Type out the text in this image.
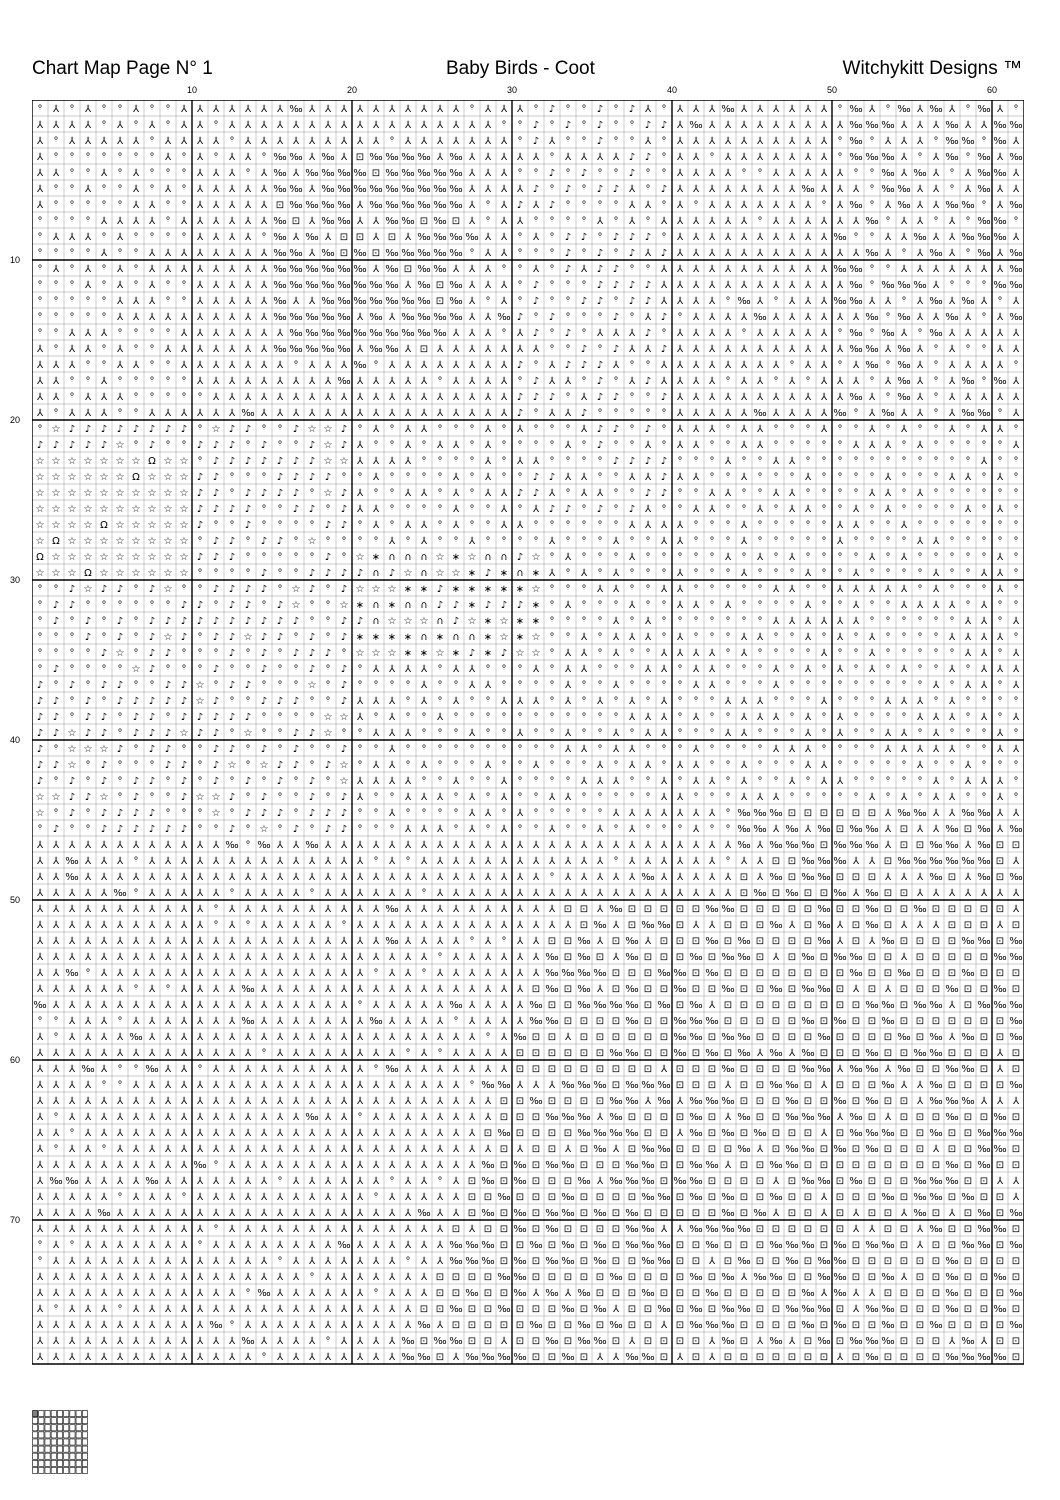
Chart Map Page N° 1	Baby Birds - Coot	Witchykitt Designs ™
10	20	30	40	50	60
10
20
30
40
50
60
70
° ⅄ ° ⅄ ° ° ⅄ ° ° ⅄ ⅄ ⅄ ⅄ ⅄ ⅄ ⅄ ‰ ⅄ ⅄ ⅄ ⅄ ⅄ ⅄ ⅄ ⅄ ⅄ ⅄ ° ⅄ ⅄ ⅄ ° ♪ ° ° ♪ ° ♪ ⅄ ° ⅄ ⅄ ⅄ ‰ ⅄ ⅄ ⅄ ⅄ ⅄ ⅄ ° ‰ ⅄ ° ‰ ⅄ ‰ ⅄ ° ‰ ⅄ °
⅄ ⅄ ⅄ ⅄ ° ⅄ ° ⅄ ° ⅄ ⅄ ° ⅄ ⅄ ⅄ ⅄ ⅄ ⅄ ⅄ ⅄ ⅄ ⅄ ⅄ ⅄ ⅄ ⅄ ⅄ ⅄ ⅄ ° ° ♪ ° ♪ ° ♪ ° ° ♪ ♪ ⅄ ‰ ⅄ ⅄ ⅄ ⅄ ⅄ ⅄ ⅄ ⅄ ⅄ ‰ ‰ ‰ ⅄ ⅄ ⅄ ‰ ⅄ ⅄ ‰ ‰
⅄ ° ⅄ ⅄ ⅄ ⅄ ⅄ ° ⅄ ⅄ ⅄ ⅄ ° ⅄ ⅄ ⅄ ⅄ ⅄ ⅄ ⅄ ⅄ ⅄ ° ⅄ ⅄ ⅄ ⅄ ⅄ ⅄ ⅄ ° ♪ ⅄ ° ° ♪ ° ° ⅄ ° ⅄ ⅄ ⅄ ⅄ ⅄ ⅄ ⅄ ⅄ ⅄ ⅄ ° ‰ ° ⅄ ⅄ ⅄ ° ‰ ‰ ° ‰ ⅄
⅄ ° ° ° ° ° ° ° ⅄ ° ⅄ ° ⅄ ⅄ ° ‰ ‰ ⅄ ‰ ⅄ ⊡ ‰ ‰ ‰ ‰ ⅄ ‰ ⅄ ⅄ ⅄ ⅄ ⅄ ° ⅄ ⅄ ⅄ ⅄ ♪ ♪ ° ⅄ ⅄ ° ⅄ ⅄ ⅄ ⅄ ⅄ ⅄ ⅄ ° ‰ ‰ ‰ ⅄ ° ⅄ ‰ ° ‰ ⅄ ‰
⅄ ⅄ ° ° ⅄ ° ⅄ ° ° ° ⅄ ⅄ ⅄ ° ⅄ ‰ ⅄ ‰ ‰ ‰ ‰ ⊡ ‰ ‰ ‰ ‰ ‰ ⅄ ⅄ ⅄ ° ° ♪ ° ♪ ° ° ♪ ° ° ⅄ ⅄ ⅄ ⅄ ° ° ⅄ ⅄ ⅄ ⅄ ⅄ ° ° ‰ ⅄ ‰ ⅄ ° ⅄ ‰ ‰ ⅄
⅄ ° ° ⅄ ° ° ⅄ ° ⅄ ° ⅄ ⅄ ⅄ ⅄ ⅄ ‰ ‰ ⅄ ‰ ‰ ‰ ‰ ‰ ‰ ‰ ‰ ‰ ⅄ ⅄ ⅄ ⅄ ♪ ° ♪ ° ♪ ♪ ⅄ ° ♪ ⅄ ⅄ ⅄ ⅄ ⅄ ⅄ ⅄ ⅄ ‰ ⅄ ⅄ ⅄ ° ‰ ‰ ⅄ ⅄ ° ⅄ ‰ ⅄ ⅄
⅄ ° ° ° ° ° ⅄ ⅄ ° ° ⅄ ⅄ ⅄ ⅄ ⅄ ⊡ ‰ ‰ ‰ ‰ ⅄ ‰ ‰ ‰ ‰ ‰ ‰ ⅄ ° ⅄ ♪ ⅄ ♪ ° ° ° ° ⅄ ⅄ ° ⅄ ° ⅄ ⅄ ⅄ ⅄ ⅄ ⅄ ⅄ ° ⅄ ‰ ° ⅄ ‰ ⅄ ⅄ ‰ ‰ ° ⅄ ‰
° ° ° ° ⅄ ⅄ ⅄ ⅄ ° ⅄ ⅄ ⅄ ⅄ ⅄ ⅄ ‰ ⊡ ⅄ ‰ ‰ ⅄ ⅄ ‰ ‰ ⊡ ‰ ⊡ ⅄ ° ⅄ ⅄ ° ° ° ° ⅄ ° ⅄ ° ⅄ ⅄ ⅄ ⅄ ⅄ ⅄ ° ⅄ ⅄ ⅄ ⅄ ⅄ ⅄ ‰ ° ⅄ ⅄ ° ⅄ ° ‰ ‰ °
° ⅄ ⅄ ⅄ ° ⅄ ° ° ° ° ⅄ ⅄ ⅄ ⅄ ° ‰ ⅄ ‰ ⅄ ⊡ ⊡ ⅄ ⊡ ⅄ ‰ ‰ ‰ ‰ ⅄ ⅄ ° ⅄ ° ♪ ♪ ° ♪ ♪ ♪ ° ⅄ ⅄ ⅄ ⅄ ⅄ ⅄ ⅄ ⅄ ⅄ ⅄ ‰ ° ° ⅄ ⅄ ‰ ⅄ ⅄ ‰ ‰ ‰ ⅄
° ° ° ° ⅄ ° ° ⅄ ⅄ ⅄ ⅄ ⅄ ⅄ ⅄ ⅄ ‰ ‰ ⅄ ‰ ⊡ ‰ ⊡ ‰ ‰ ‰ ‰ ‰ ° ⅄ ⅄ ° ° ° ♪ ° ♪ ° ♪ ⅄ ♪ ⅄ ⅄ ⅄ ⅄ ⅄ ⅄ ⅄ ⅄ ⅄ ⅄ ⅄ ⅄ ‰ ⅄ ° ⅄ ‰ ⅄ ° ‰ ⅄ ‰
° ⅄ ° ⅄ ° ⅄ ° ⅄ ⅄ ⅄ ⅄ ⅄ ⅄ ⅄ ⅄ ‰ ‰ ‰ ‰ ‰ ‰ ⅄ ‰ ⊡ ‰ ‰ ⅄ ⅄ ⅄ ° ° ⅄ ° ♪ ⅄ ♪ ♪ ° ° ⅄ ⅄ ⅄ ⅄ ⅄ ⅄ ⅄ ⅄ ⅄ ⅄ ⅄ ‰ ‰ ° ° ⅄ ⅄ ⅄ ⅄ ⅄ ⅄ ⅄ ‰
° ° ° ⅄ ° ⅄ ° ⅄ ° ° ⅄ ⅄ ⅄ ⅄ ⅄ ‰ ‰ ‰ ‰ ‰ ‰ ‰ ‰ ⅄ ‰ ⊡ ‰ ⅄ ⅄ ⅄ ° ♪ ° ° ° ♪ ♪ ♪ ♪ ⅄ ⅄ ⅄ ⅄ ⅄ ⅄ ⅄ ⅄ ⅄ ⅄ ⅄ ⅄ ‰ ° ‰ ‰ ‰ ⅄ ° ° ° ‰ ‰
° ° ° ° ° ⅄ ⅄ ⅄ ° ° ⅄ ⅄ ⅄ ⅄ ⅄ ‰ ⅄ ⅄ ‰ ‰ ‰ ‰ ‰ ‰ ‰ ⊡ ‰ ⅄ ° ⅄ ° ♪ ° ° ♪ ♪ ° ♪ ♪ ⅄ ⅄ ⅄ ⅄ ° ‰ ⅄ ° ⅄ ⅄ ⅄ ‰ ‰ ⅄ ⅄ ° ⅄ ‰ ⅄ ‰ ⅄ ° ⅄
° ° ° ° ° ⅄ ⅄ ⅄ ⅄ ⅄ ⅄ ⅄ ⅄ ⅄ ⅄ ‰ ‰ ‰ ‰ ‰ ⅄ ‰ ⅄ ‰ ‰ ‰ ‰ ⅄ ⅄ ‰ ♪ ° ♪ ° ° ° ♪ ° ⅄ ♪ ° ⅄ ⅄ ⅄ ⅄ ‰ ⅄ ⅄ ⅄ ⅄ ⅄ ⅄ ‰ ° ‰ ⅄ ⅄ ‰ ⅄ ° ⅄ ‰
° ° ⅄ ⅄ ⅄ ° ° ° ° ⅄ ⅄ ⅄ ⅄ ⅄ ⅄ ⅄ ‰ ‰ ‰ ‰ ‰ ‰ ‰ ‰ ‰ ‰ ⅄ ⅄ ⅄ ° ⅄ ♪ ° ♪ ° ⅄ ⅄ ⅄ ♪ ° ⅄ ⅄ ⅄ ⅄ ° ⅄ ⅄ ⅄ ⅄ ⅄ ° ‰ ° ‰ ⅄ ° ‰ ⅄ ⅄ ⅄ ⅄ ⅄
⅄ ° ⅄ ⅄ ° ⅄ ° ° ⅄ ⅄ ⅄ ⅄ ⅄ ⅄ ⅄ ‰ ‰ ‰ ‰ ‰ ⅄ ‰ ‰ ⅄ ⊡ ⅄ ⅄ ⅄ ⅄ ⅄ ⅄ ⅄ ° ° ♪ ° ♪ ⅄ ⅄ ♪ ⅄ ⅄ ⅄ ⅄ ⅄ ⅄ ⅄ ⅄ ⅄ ⅄ ⅄ ‰ ‰ ⅄ ‰ ⅄ ° ⅄ ° ° ⅄ ⅄
⅄ ⅄ ⅄ ° ° ⅄ ⅄ ° ° ⅄ ⅄ ⅄ ⅄ ⅄ ⅄ ⅄ ° ⅄ ⅄ ⅄ ‰ ° ⅄ ⅄ ⅄ ⅄ ⅄ ⅄ ⅄ ⅄ ♪ ° ⅄ ♪ ♪ ♪ ⅄ ° ° ⅄ ⅄ ⅄ ⅄ ⅄ ⅄ ⅄ ⅄ ° ⅄ ⅄ ° ⅄ ‰ ° ‰ ⅄ ° ⅄ ⅄ ⅄ ⅄ °
⅄ ⅄ ° ° ⅄ ° ° ° ° ° ⅄ ⅄ ⅄ ⅄ ⅄ ⅄ ⅄ ⅄ ⅄ ‰ ⅄ ⅄ ⅄ ⅄ ⅄ ° ⅄ ⅄ ⅄ ⅄ ° ♪ ⅄ ⅄ ° ♪ ° ⅄ ♪ ⅄ ⅄ ⅄ ⅄ ° ⅄ ⅄ ° ⅄ ° ⅄ ⅄ ⅄ ° ⅄ ‰ ⅄ ° ⅄ ‰ ° ‰ ⅄
⅄ ⅄ ° ⅄ ⅄ ⅄ ° ° ° ° ° ⅄ ⅄ ⅄ ⅄ ⅄ ⅄ ⅄ ⅄ ⅄ ⅄ ⅄ ⅄ ⅄ ⅄ ⅄ ⅄ ⅄ ⅄ ⅄ ♪ ♪ ♪ ° ⅄ ♪ ♪ ° ° ♪ ⅄ ⅄ ⅄ ⅄ ⅄ ⅄ ⅄ ⅄ ⅄ ⅄ ⅄ ‰ ⅄ ° ‰ ⅄ ° ⅄ ⅄ ⅄ ⅄ ⅄
⅄ ° ⅄ ⅄ ⅄ ° ° ⅄ ⅄ ⅄ ⅄ ⅄ ⅄ ‰ ⅄ ⅄ ⅄ ⅄ ⅄ ⅄ ⅄ ⅄ ⅄ ⅄ ⅄ ⅄ ⅄ ⅄ ⅄ ⅄ ♪ ° ⅄ ⅄ ♪ ° ° ° ° ° ⅄ ⅄ ⅄ ⅄ ⅄ ‰ ⅄ ⅄ ⅄ ⅄ ‰ ° ⅄ ‰ ⅄ ⅄ ° ⅄ ‰ ‰ ° ⅄
° ☆ ♪ ♪ ♪ ♪ ♪ ♪ ♪ ♪ ° ☆ ♪ ♪ ° ° ♪ ☆ ☆ ♪ ° ⅄ ° ⅄ ⅄ ° ° ° ⅄ ° ⅄ ° ° ° ⅄ ♪ ♪ ° ♪ ° ⅄ ⅄ ⅄ ° ⅄ ⅄ ° ° ° ⅄ ° ° ⅄ ° ⅄ ° ° ⅄ ° ⅄ ⅄ °
♪ ♪ ♪ ♪ ♪ ☆ ° ♪ ° ° ♪ ♪ ♪ ° ♪ ° ° ♪ ☆ ♪ ⅄ ° ° ⅄ ° ⅄ ⅄ ° ⅄ ° ° ° ° ⅄ ° ♪ ° ° ⅄ ° ⅄ ⅄ ° ° ⅄ ⅄ ° ° ° ° ° ⅄ ⅄ ⅄ ° ⅄ ° ° ° ° ° ⅄
☆ ☆ ☆ ☆ ☆ ☆ ☆ Ω ☆ ☆ ° ♪ ♪ ♪ ♪ ♪ ♪ ♪ ☆ ☆ ⅄ ⅄ ⅄ ⅄ ° ° ° ° ⅄ ° ⅄ ⅄ ° ° ° ° ♪ ♪ ♪ ♪ ° ° ° ⅄ ° ° ⅄ ⅄ ° ° ° ° ° ° ° ° ° ° ° ⅄ ° °
☆ ☆ ☆ ☆ ☆ ☆ Ω ☆ ☆ ☆ ♪ ♪ ° ° ° ♪ ♪ ♪ ♪ ° ° ⅄ ° ° ° ° ⅄ ° ⅄ ° ° ♪ ♪ ⅄ ⅄ ° ° ⅄ ⅄ ♪ ⅄ ⅄ ° ° ⅄ ° ° ° ⅄ ° ° ° ° ⅄ ° ° ° ⅄ ⅄ ° ⅄ °
☆ ☆ ☆ ☆ ☆ ☆ ☆ ☆ ☆ ☆ ♪ ♪ ° ♪ ♪ ♪ ♪ ° ☆ ♪ ⅄ ° ° ⅄ ⅄ ° ⅄ ° ⅄ ⅄ ♪ ♪ ⅄ ° ⅄ ⅄ ° ° ♪ ♪ ° ° ⅄ ⅄ ° ° ⅄ ⅄ ° ° ° ° ⅄ ⅄ ° ⅄ ° ° ° ° ° °
☆ ☆ ☆ ☆ ☆ ☆ ☆ ☆ ☆ ☆ ♪ ♪ ♪ ♪ ° ° ♪ ♪ ° ♪ ⅄ ⅄ ° ° ° ° ⅄ ° ° ⅄ ° ⅄ ♪ ♪ ° ♪ ° ♪ ⅄ ° ° ⅄ ⅄ ° ° ⅄ ° ⅄ ⅄ ° ° ⅄ ° ⅄ ° ° ° ° ⅄ ° ⅄ °
☆ ☆ ☆ ☆ Ω ☆ ☆ ☆ ☆ ☆ ♪ ° ° ♪ ° ° ° ° ♪ ♪ ° ⅄ ° ⅄ ⅄ ° ⅄ ° ° ⅄ ⅄ ° ° ° ° ° ° ⅄ ⅄ ⅄ ⅄ ° ° ° ⅄ ° ° ° ° ° ⅄ ⅄ ° ° ⅄ ° ° ° ° ° ° °
☆ Ω ☆ ☆ ☆ ☆ ☆ ☆ ☆ ☆ ° ♪ ♪ ° ♪ ♪ ° ☆ ° ° ° ° ⅄ ° ⅄ ° ° ⅄ ° ° ° ° ⅄ ° ° ° ⅄ ° ° ⅄ ⅄ ° ° ° ⅄ ° ° ° ° ° ⅄ ° ° ° ° ⅄ ⅄ ° ° ° ° °
Ω ☆ ☆ ☆ ☆ ☆ ☆ ☆ ☆ ☆ ♪ ♪ ♪ ° ° ° ° ° ♪ ° ☆ ∗ ∩ ∩ ∩ ☆ ∗ ☆ ∩ ∩ ♪ ☆ ° ⅄ ° ° ° ⅄ ° ° ° ° ° ⅄ ° ⅄ ° ⅄ ° ° ° ° ⅄ ° ⅄ ° ° ° ° ° ⅄ °
☆ ☆ ☆ Ω ☆ ☆ ☆ ☆ ☆ ☆ ° ° ° ° ♪ ° ° ♪ ♪ ♪ ♪ ∩ ♪ ☆ ∩ ☆ ☆ ∗ ♪ ∗ ∩ ∗ ⅄ ° ⅄ ° ⅄ ° ° ° ⅄ ° ° ° ⅄ ° ° ° ⅄ ° ° ⅄ ° ° ° ° ⅄ ° ° ⅄ ⅄ °
° ° ♪ ☆ ♪ ♪ ° ♪ ☆ ° ° ♪ ♪ ♪ ♪ ° ☆ ♪ ° ♪ ☆ ☆ ☆ ∗ ∗ ♪ ∗ ∗ ∗ ∗ ∗ ☆ ° ° ° ⅄ ⅄ ° ° ⅄ ⅄ ° ° ° ° ° ⅄ ⅄ ° ° ⅄ ⅄ ⅄ ⅄ ⅄ ° ⅄ ° ° ° ⅄ °
° ♪ ♪ ° ° ° ° ° ° ♪ ♪ ° ♪ ♪ ° ♪ ☆ ° ° ☆ ∗ ∩ ∗ ∩ ∩ ♪ ♪ ∗ ♪ ♪ ♪ ∗ ° ⅄ ° ° ° ⅄ ° ° ⅄ ⅄ ° ⅄ ° ° ° ° ⅄ ° ° ⅄ ° ° ⅄ ⅄ ⅄ ⅄ ° ⅄ ° °
° ♪ ° ♪ ° ♪ ° ♪ ♪ ♪ ♪ ♪ ♪ ♪ ♪ ♪ ♪ ° ° ♪ ♪ ∩ ☆ ☆ ☆ ∩ ♪ ☆ ∗ ☆ ∗ ∗ ° ° ° ° ⅄ ° ⅄ ° ° ° ° ° ° ° ⅄ ⅄ ⅄ ⅄ ⅄ ⅄ ° ° ° ° ° ° ⅄ ⅄ ° ⅄
° ° ° ♪ ° ♪ ° ♪ ☆ ♪ ° ♪ ♪ ☆ ♪ ♪ ° ♪ ° ♪ ∗ ∗ ∗ ∗ ∩ ∗ ∩ ∩ ∗ ☆ ∗ ☆ ° ° ⅄ ° ⅄ ⅄ ⅄ ° ⅄ ° ° ° ⅄ ⅄ ° ° ⅄ ° ⅄ ° ⅄ ° ° ° ° ⅄ ⅄ ⅄ ⅄ °
° ° ° ° ♪ ☆ ° ♪ ♪ ° ° ° ♪ ° ♪ ° ♪ ♪ ♪ ° ☆ ☆ ☆ ∗ ∗ ☆ ∗ ♪ ∗ ♪ ☆ ☆ ° ⅄ ⅄ ° ⅄ ° ° ⅄ ⅄ ⅄ ⅄ ° ⅄ ° ° ° ° ⅄ ° ° ⅄ ° ° ° ° ° ⅄ ⅄ ° ⅄
° ♪ ° ° ° ° ☆ ♪ ° ° ° ♪ ° ° ♪ ° ° ♪ ° ♪ ° ⅄ ⅄ ⅄ ⅄ ° ⅄ ⅄ ° ° ° ⅄ ° ⅄ ⅄ ° ° ° ⅄ ⅄ ° ⅄ ⅄ ° ° ° ⅄ ° ⅄ ° ⅄ ° ⅄ ° ⅄ ° ° ⅄ ° ⅄ ⅄ ⅄
♪ ° ♪ ° ♪ ♪ ° ° ♪ ♪ ☆ ° ♪ ♪ ° ° ° ☆ ° ♪ ° ° ° ° ⅄ ° ° ⅄ ⅄ ° ° ° ° ⅄ ° ° ⅄ ° ° ° ° ⅄ ⅄ ° ° ° ⅄ ° ° ° ° ° ° ° ° ° ⅄ ° ⅄ ⅄ ° ⅄
♪ ♪ ° ♪ ° ♪ ♪ ♪ ♪ ♪ ☆ ♪ ° ° ♪ ♪ ♪ ° ° ♪ ⅄ ⅄ ⅄ ° ⅄ ° ⅄ ° ° ⅄ ⅄ ⅄ ° ⅄ ° ⅄ ° ⅄ ° ⅄ ° ° ° ⅄ ⅄ ⅄ ° ° ° ⅄ ° ° ° ⅄ ⅄ ⅄ ° ⅄ ° ° ° °
♪ ♪ ° ♪ ♪ ° ♪ ♪ ° ♪ ♪ ♪ ♪ ♪ ° ° ° ° ☆ ☆ ⅄ ° ⅄ ° ° ⅄ ° ° ° ° ° ° ° ° ° ° ° ⅄ ⅄ ⅄ ° ⅄ ° ° ⅄ ⅄ ⅄ ° ⅄ ° ⅄ ° ° ° ° ⅄ ⅄ ⅄ ° ⅄ ° ⅄
♪ ♪ ☆ ♪ ♪ ° ♪ ♪ ♪ ☆ ♪ ♪ ° ☆ ° ° ♪ ♪ ☆ ° ° ⅄ ⅄ ⅄ ° ° ° ⅄ ° ° ⅄ ° ° ⅄ ° ° ⅄ ° ⅄ ⅄ ° ° ° ⅄ ⅄ ° ° ° ⅄ ° ⅄ ° ° ⅄ ⅄ ° ⅄ ° ° ° ⅄ °
♪ ° ☆ ☆ ☆ ♪ ° ♪ ♪ ° ° ♪ ♪ ° ♪ ° ♪ ° ° ♪ ° ° ⅄ ° ° ° ° ° ° ° ° ° ° ⅄ ⅄ ° ⅄ ⅄ ° ° ° ⅄ ° ° ° ° ⅄ ⅄ ⅄ ° ° ° ° ⅄ ⅄ ⅄ ⅄ ⅄ ° ° ⅄ ⅄
♪ ♪ ☆ ° ♪ ° ° ° ♪ ♪ ° ♪ ☆ ° ☆ ♪ ♪ ° ♪ ☆ ° ⅄ ⅄ ° ⅄ ° ° ° ⅄ ° ° ⅄ ° ° ° ⅄ ° ⅄ ⅄ ° ⅄ ⅄ ° ° ⅄ ° ° ° ⅄ ⅄ ° ° ° ° ° ⅄ ° ° ⅄ ° ° °
♪ ° ♪ ° ♪ ° ♪ ♪ ° ♪ ° ♪ ° ♪ ° ♪ ° ♪ ° ☆ ⅄ ⅄ ⅄ ⅄ ° ° ⅄ ° ° ⅄ ° ° ° ° ⅄ ⅄ ⅄ ° ° ⅄ ° ⅄ ⅄ ° ⅄ ° ° ⅄ ° ⅄ ⅄ ° ° ° ° ° ⅄ ° ⅄ ⅄ ⅄ °
☆ ☆ ♪ ♪ ☆ ° ♪ ° ° ♪ ☆ ☆ ♪ ° ♪ ° ° ♪ ° ♪ ⅄ ° ° ⅄ ⅄ ⅄ ° ⅄ ° ⅄ ° ° ⅄ ⅄ ° ° ° ° ° ⅄ ⅄ ° ° ° ⅄ ⅄ ⅄ ° ° ° ° ° ⅄ ° ⅄ ° ⅄ ⅄ ° ° ⅄ °
☆ ° ♪ ° ♪ ♪ ♪ ♪ ° ° ° ☆ ° ♪ ♪ ♪ ° ♪ ♪ ♪ ° ° ⅄ ° ° ° ° ⅄ ⅄ ° ⅄ ° ° ° ° ° ⅄ ⅄ ⅄ ⅄ ⅄ ⅄ ⅄ ° ‰ ‰ ‰ ⊡ ⊡ ⊡ ⊡ ⊡ ⊡ ⅄ ‰ ‰ ⅄ ⅄ ‰ ‰ ⅄ ⅄
° ♪ ° ° ♪ ♪ ♪ ♪ ♪ ♪ ° ° ♪ ° ☆ ° ♪ ° ♪ ♪ ° ° ° ⅄ ⅄ ⅄ ° ⅄ ° ⅄ ° ° ⅄ ° ° ⅄ ° ⅄ ° ° ° ⅄ ° ° ‰ ‰ ⅄ ‰ ⅄ ‰ ⊡ ‰ ‰ ⅄ ⊡ ⅄ ⅄ ‰ ⊡ ‰ ⅄ ‰
⅄ ⅄ ⅄ ⅄ ⅄ ⅄ ⅄ ⅄ ⅄ ⅄ ⅄ ⅄ ‰ ° ‰ ⅄ ⅄ ‰ ⅄ ⅄ ⅄ ⅄ ⅄ ⅄ ⅄ ⅄ ⅄ ⅄ ⅄ ⅄ ⅄ ⅄ ⅄ ⅄ ⅄ ⅄ ⅄ ⅄ ⅄ ⅄ ⅄ ⅄ ⅄ ⅄ ‰ ⅄ ‰ ‰ ‰ ⊡ ‰ ‰ ‰ ⅄ ⊡ ⊡ ‰ ‰ ⅄ ‰ ⊡ ⊡
⅄ ⅄ ‰ ⅄ ⅄ ⅄ ° ⅄ ⅄ ⅄ ⅄ ⅄ ⅄ ⅄ ⅄ ⅄ ⅄ ⅄ ⅄ ⅄ ⅄ ° ⅄ ° ⅄ ⅄ ⅄ ⅄ ⅄ ⅄ ⅄ ⅄ ⅄ ⅄ ⅄ ⅄ ° ⅄ ⅄ ⅄ ⅄ ⅄ ⅄ ° ⅄ ⅄ ⊡ ⊡ ‰ ‰ ‰ ⅄ ⅄ ⊡ ‰ ‰ ‰ ‰ ‰ ‰ ⊡ ⅄
⅄ ⅄ ‰ ⅄ ⅄ ⅄ ⅄ ⅄ ⅄ ⅄ ⅄ ⅄ ⅄ ⅄ ⅄ ⅄ ⅄ ⅄ ⅄ ⅄ ⅄ ⅄ ⅄ ⅄ ⅄ ⅄ ⅄ ⅄ ⅄ ⅄ ⅄ ⅄ ° ⅄ ⅄ ⅄ ⅄ ⅄ ‰ ⅄ ⅄ ⅄ ⅄ ⅄ ⊡ ⅄ ‰ ⊡ ‰ ‰ ⊡ ⊡ ⊡ ⅄ ⅄ ⅄ ‰ ⊡ ⅄ ‰ ⊡ ‰
⅄ ⅄ ⅄ ⅄ ⅄ ‰ ° ⅄ ⅄ ⅄ ⅄ ⅄ ° ⅄ ⅄ ⅄ ⅄ ° ⅄ ⅄ ⅄ ⅄ ⅄ ⅄ ° ⅄ ⅄ ⅄ ⅄ ⅄ ⅄ ⅄ ⅄ ⅄ ⅄ ⅄ ⅄ ⅄ ⅄ ⅄ ⅄ ⅄ ⅄ ⅄ ⊡ ‰ ⊡ ‰ ⊡ ⊡ ‰ ⅄ ‰ ⊡ ⊡ ⅄ ⅄ ⅄ ⅄ ⅄ ⅄ ⅄
⅄ ⅄ ⅄ ⅄ ⅄ ⅄ ⅄ ⅄ ⅄ ⅄ ⅄ ° ⅄ ⅄ ⅄ ⅄ ⅄ ⅄ ⅄ ⅄ ⅄ ⅄ ‰ ⅄ ⅄ ⅄ ⅄ ⅄ ⅄ ⅄ ⅄ ⅄ ⅄ ⊡ ⊡ ⅄ ‰ ⊡ ⊡ ⊡ ⊡ ⊡ ‰ ‰ ⊡ ⊡ ⊡ ⊡ ⊡ ‰ ⊡ ⊡ ‰ ⊡ ⊡ ‰ ⊡ ⊡ ⊡ ⊡ ⊡ ⅄
⅄ ⅄ ⅄ ⅄ ⅄ ⅄ ⅄ ⅄ ⅄ ⅄ ⅄ ° ⅄ ° ⅄ ⅄ ⅄ ⅄ ⅄ ° ⅄ ⅄ ⅄ ⅄ ⅄ ⅄ ⅄ ⅄ ⅄ ⅄ ⅄ ⅄ ⅄ ⅄ ⊡ ‰ ⅄ ⊡ ‰ ‰ ⊡ ⅄ ⅄ ⊡ ⊡ ⊡ ‰ ⅄ ⊡ ‰ ⅄ ⊡ ‰ ⊡ ⅄ ⅄ ⅄ ⊡ ⊡ ⊡ ⅄ ⊡
⅄ ⅄ ⅄ ⅄ ⅄ ⅄ ⅄ ⅄ ⅄ ⅄ ⅄ ⅄ ⅄ ⅄ ⅄ ⅄ ⅄ ⅄ ⅄ ⅄ ⅄ ⅄ ‰ ⅄ ⅄ ⅄ ⅄ ° ⅄ ° ⅄ ⅄ ⊡ ⊡ ‰ ⅄ ⊡ ‰ ⅄ ⊡ ⊡ ⊡ ‰ ⊡ ‰ ⊡ ⊡ ⊡ ⊡ ‰ ⅄ ⊡ ⅄ ‰ ⊡ ⊡ ⊡ ⊡ ‰ ‰ ⊡ ‰
⅄ ⅄ ⅄ ⅄ ⅄ ⅄ ⅄ ⅄ ⅄ ⅄ ⅄ ⅄ ⅄ ⅄ ⅄ ⅄ ⅄ ⅄ ⅄ ⅄ ⅄ ⅄ ⅄ ⅄ ⅄ ° ⅄ ⅄ ⅄ ⅄ ⅄ ⅄ ‰ ⊡ ‰ ⊡ ⅄ ‰ ⊡ ⊡ ⊡ ‰ ⊡ ‰ ‰ ⊡ ⅄ ⊡ ‰ ⊡ ‰ ‰ ⊡ ⊡ ⅄ ⊡ ⊡ ⊡ ⊡ ⊡ ‰ ‰
⅄ ⅄ ‰ ° ⅄ ⅄ ⅄ ⅄ ⅄ ⅄ ⅄ ⅄ ⅄ ⅄ ⅄ ⅄ ⅄ ⅄ ⅄ ⅄ ⅄ ° ⅄ ⅄ ° ⅄ ⅄ ⅄ ⅄ ⅄ ⅄ ⅄ ‰ ‰ ‰ ‰ ⊡ ⊡ ⊡ ‰ ‰ ⊡ ‰ ⊡ ⊡ ⊡ ⊡ ⊡ ⊡ ⊡ ⊡ ‰ ⊡ ⊡ ‰ ⊡ ⊡ ⊡ ‰ ⊡ ⊡ ⊡
⅄ ⅄ ⅄ ⅄ ⅄ ⅄ ° ⅄ ° ⅄ ⅄ ⅄ ⅄ ‰ ⅄ ⅄ ⅄ ⅄ ⅄ ⅄ ⅄ ⅄ ⅄ ⅄ ⅄ ⅄ ⅄ ⅄ ⅄ ⅄ ⅄ ⊡ ‰ ⊡ ‰ ⅄ ⊡ ‰ ⊡ ⊡ ‰ ⊡ ⊡ ‰ ⊡ ⊡ ‰ ⊡ ‰ ‰ ⊡ ⅄ ⊡ ⅄ ⊡ ⊡ ⊡ ‰ ⊡ ⊡ ‰ ⊡
‰ ⅄ ⅄ ⅄ ⅄ ⅄ ⅄ ⅄ ⅄ ⅄ ⅄ ⅄ ⅄ ⅄ ⅄ ⅄ ⅄ ⅄ ⅄ ⅄ ° ⅄ ⅄ ⅄ ⅄ ⅄ ‰ ⅄ ⅄ ⅄ ⅄ ‰ ⊡ ⊡ ‰ ‰ ‰ ‰ ⊡ ‰ ⊡ ‰ ⅄ ⊡ ⊡ ⊡ ⊡ ⊡ ⊡ ⊡ ⊡ ⊡ ‰ ‰ ⊡ ‰ ‰ ⅄ ⊡ ‰ ‰ ‰
° ° ⅄ ⅄ ⅄ ° ⅄ ⅄ ⅄ ⅄ ⅄ ⅄ ⅄ ‰ ⅄ ⅄ ⅄ ⅄ ⅄ ⅄ ⅄ ‰ ⅄ ⅄ ⅄ ⅄ ° ⅄ ⅄ ⅄ ⅄ ‰ ‰ ⊡ ⊡ ⊡ ⊡ ‰ ⊡ ⊡ ‰ ‰ ‰ ⊡ ⊡ ⊡ ⊡ ⊡ ‰ ⊡ ‰ ⊡ ⊡ ‰ ⊡ ⊡ ⊡ ⊡ ⊡ ⊡ ⊡ ‰
⅄ ° ⅄ ⅄ ⅄ ⅄ ‰ ⅄ ⅄ ⅄ ⅄ ⅄ ⅄ ⅄ ⅄ ⅄ ⅄ ⅄ ⅄ ⅄ ⅄ ⅄ ⅄ ⅄ ⅄ ⅄ ⅄ ⅄ ° ⅄ ‰ ⊡ ⊡ ⅄ ⊡ ⊡ ⊡ ⊡ ⊡ ⊡ ‰ ‰ ⊡ ‰ ‰ ⊡ ⊡ ⊡ ⊡ ‰ ⊡ ⊡ ⊡ ⊡ ‰ ⊡ ‰ ⅄ ‰ ⊡ ⊡ ‰
⅄ ⅄ ⅄ ⅄ ⅄ ⅄ ⅄ ⅄ ⅄ ⅄ ⅄ ⅄ ⅄ ⅄ ° ⅄ ⅄ ⅄ ⅄ ⅄ ⅄ ⅄ ⅄ ° ⅄ ° ⅄ ⅄ ⅄ ⅄ ⊡ ⊡ ⊡ ⊡ ⊡ ⊡ ‰ ‰ ⊡ ⊡ ‰ ⊡ ‰ ⊡ ‰ ⅄ ‰ ⅄ ‰ ⊡ ⊡ ⊡ ‰ ⊡ ⊡ ‰ ‰ ⊡ ⊡ ⊡ ⅄ ⊡
⅄ ⅄ ⅄ ‰ ⅄ ° ° ‰ ⅄ ⅄ ° ⅄ ⅄ ⅄ ⅄ ⅄ ⅄ ⅄ ⅄ ⅄ ⅄ ° ‰ ⅄ ⅄ ⅄ ⅄ ⅄ ⅄ ⅄ ⊡ ⊡ ⊡ ⊡ ⊡ ⊡ ⊡ ⊡ ⊡ ⅄ ⊡ ⊡ ⊡ ‰ ⊡ ⊡ ⊡ ⊡ ‰ ‰ ⅄ ‰ ‰ ⅄ ‰ ⊡ ⊡ ‰ ‰ ⊡ ⅄ ⊡
⅄ ⅄ ⅄ ⅄ ° ° ⅄ ⅄ ⅄ ⅄ ⅄ ⅄ ⅄ ⅄ ⅄ ⅄ ⅄ ⅄ ⅄ ⅄ ⅄ ⅄ ⅄ ⅄ ⅄ ⅄ ⅄ ° ‰ ‰ ⅄ ⅄ ⅄ ‰ ‰ ‰ ⊡ ‰ ‰ ‰ ⊡ ⊡ ⊡ ⅄ ⊡ ⊡ ‰ ‰ ⊡ ⅄ ⊡ ⊡ ⊡ ‰ ⅄ ⅄ ‰ ⊡ ⊡ ⊡ ⊡ ‰
⅄ ⅄ ⅄ ⅄ ⅄ ⅄ ⅄ ⅄ ⅄ ⅄ ⅄ ⅄ ⅄ ⅄ ⅄ ⅄ ⅄ ⅄ ⅄ ⅄ ⅄ ⅄ ⅄ ⅄ ⅄ ⅄ ⅄ ⅄ ⅄ ⊡ ⊡ ‰ ⊡ ⊡ ⊡ ⊡ ‰ ‰ ⅄ ‰ ⅄ ‰ ‰ ‰ ⊡ ⊡ ⊡ ‰ ⊡ ⊡ ‰ ⊡ ‰ ⊡ ⊡ ⅄ ‰ ‰ ‰ ⅄ ⅄ ⅄
⅄ ° ⅄ ⅄ ⅄ ⅄ ⅄ ⅄ ⅄ ⅄ ⅄ ⅄ ⅄ ⅄ ⅄ ⅄ ⅄ ‰ ⅄ ⅄ ° ⅄ ⅄ ⅄ ⅄ ⅄ ⅄ ⅄ ⅄ ⊡ ⊡ ⊡ ‰ ‰ ‰ ⅄ ‰ ⊡ ⊡ ⊡ ⊡ ‰ ⊡ ⅄ ‰ ⊡ ⊡ ‰ ‰ ‰ ⅄ ‰ ⊡ ⅄ ⊡ ⊡ ⊡ ‰ ⊡ ⊡ ‰ ⊡
⅄ ⅄ ° ⅄ ⅄ ⅄ ⅄ ⅄ ⅄ ⅄ ⅄ ⅄ ⅄ ⅄ ⅄ ⅄ ⅄ ⅄ ⅄ ⅄ ⅄ ⅄ ⅄ ⅄ ⅄ ⅄ ⅄ ⅄ ⊡ ‰ ⊡ ⊡ ⊡ ⊡ ‰ ‰ ‰ ‰ ⊡ ⊡ ⅄ ‰ ⊡ ‰ ⊡ ‰ ⊡ ⊡ ⊡ ⅄ ⊡ ‰ ‰ ‰ ⊡ ⊡ ‰ ⊡ ⊡ ‰ ‰ ‰
⅄ ° ⅄ ⅄ ° ⅄ ⅄ ⅄ ⅄ ⅄ ⅄ ⅄ ⅄ ⅄ ⅄ ⅄ ⅄ ⅄ ⅄ ⅄ ⅄ ⅄ ⅄ ⅄ ⅄ ⅄ ⅄ ⅄ ⅄ ⊡ ⅄ ⊡ ⊡ ⅄ ⊡ ‰ ⅄ ⊡ ‰ ‰ ⊡ ⊡ ⊡ ⊡ ‰ ⅄ ⊡ ‰ ‰ ⊡ ‰ ⊡ ‰ ⊡ ⊡ ⊡ ⅄ ⊡ ⊡ ‰ ‰ ⊡
⅄ ⅄ ⅄ ⅄ ⅄ ⅄ ⅄ ⅄ ⅄ ⅄ ‰ ° ⅄ ⅄ ⅄ ⅄ ⅄ ⅄ ⅄ ⅄ ⅄ ⅄ ⅄ ⅄ ⅄ ⅄ ⅄ ⅄ ‰ ⊡ ‰ ⊡ ‰ ‰ ⊡ ⊡ ⊡ ‰ ‰ ⊡ ⊡ ‰ ‰ ⅄ ⊡ ⊡ ‰ ‰ ⊡ ⊡ ⊡ ⊡ ⊡ ⊡ ⊡ ⊡ ⊡ ‰ ⊡ ‰ ⊡ ⊡
⅄ ‰ ‰ ⅄ ⅄ ⅄ ⅄ ‰ ⅄ ⅄ ⅄ ⅄ ⅄ ⅄ ⅄ ° ⅄ ⅄ ⅄ ⅄ ⅄ ⅄ ° ⅄ ⅄ ° ⅄ ⊡ ‰ ⊡ ‰ ⊡ ⊡ ⊡ ‰ ⅄ ‰ ‰ ‰ ⊡ ‰ ‰ ⊡ ⊡ ⊡ ⊡ ⅄ ⊡ ‰ ‰ ⊡ ‰ ⊡ ⊡ ⊡ ‰ ‰ ‰ ⊡ ⊡ ⅄ ⅄
⅄ ⅄ ⅄ ⅄ ⅄ ° ⅄ ⅄ ⅄ ° ⅄ ⅄ ⅄ ⅄ ⅄ ⅄ ⅄ ⅄ ⅄ ⅄ ⅄ ° ⅄ ⅄ ⅄ ⅄ ⅄ ⊡ ⊡ ‰ ⊡ ⊡ ⊡ ‰ ⊡ ⊡ ⊡ ⊡ ‰ ‰ ⊡ ‰ ⊡ ‰ ⊡ ⊡ ‰ ⊡ ⊡ ⅄ ⊡ ⊡ ⊡ ‰ ⊡ ‰ ‰ ⊡ ‰ ⊡ ⊡ ⅄
⅄ ⅄ ⅄ ⅄ ‰ ⅄ ⅄ ⅄ ⅄ ⅄ ⅄ ⅄ ⅄ ⅄ ⅄ ⅄ ⅄ ⅄ ⅄ ⅄ ⅄ ⅄ ⅄ ⅄ ‰ ⅄ ⅄ ⊡ ‰ ⊡ ‰ ⊡ ‰ ‰ ⊡ ‰ ⊡ ‰ ⊡ ⊡ ⊡ ⊡ ⊡ ‰ ⊡ ‰ ⅄ ⊡ ⊡ ⅄ ⊡ ⅄ ⊡ ⊡ ⅄ ‰ ⊡ ⅄ ⊡ ‰ ⊡ ‰
⅄ ⅄ ⅄ ⅄ ⅄ ⅄ ⅄ ⅄ ⅄ ⅄ ⅄ ° ⅄ ⅄ ⅄ ⅄ ⅄ ⅄ ⅄ ⅄ ⅄ ⅄ ⅄ ⅄ ⅄ ⅄ ⊡ ⅄ ⊡ ⊡ ‰ ⊡ ‰ ⊡ ⊡ ⊡ ⊡ ‰ ‰ ⅄ ⅄ ‰ ‰ ‰ ‰ ⊡ ⊡ ⊡ ⊡ ⊡ ⊡ ⅄ ⅄ ⊡ ⊡ ⅄ ‰ ⊡ ⊡ ‰ ‰ ⊡
° ⅄ ° ⅄ ⅄ ⅄ ⅄ ⅄ ⅄ ⅄ ° ⅄ ⅄ ⅄ ⅄ ⅄ ⅄ ⅄ ⅄ ‰ ⅄ ⅄ ⅄ ⅄ ⅄ ⅄ ‰ ‰ ‰ ⊡ ⊡ ‰ ⊡ ‰ ⊡ ‰ ⊡ ‰ ‰ ‰ ⊡ ⊡ ‰ ⊡ ⊡ ⊡ ‰ ‰ ‰ ⊡ ‰ ⊡ ‰ ‰ ⊡ ⅄ ⊡ ⊡ ‰ ‰ ⊡ ‰
° ⅄ ⅄ ⅄ ⅄ ⅄ ⅄ ⅄ ⅄ ⅄ ⅄ ⅄ ⅄ ⅄ ⅄ ° ⅄ ⅄ ⅄ ⅄ ⅄ ⅄ ⅄ ° ⅄ ⅄ ‰ ‰ ‰ ⊡ ‰ ⊡ ‰ ‰ ⊡ ‰ ⊡ ⊡ ‰ ‰ ⊡ ⊡ ⅄ ⊡ ‰ ⊡ ⊡ ‰ ⊡ ‰ ‰ ⊡ ⊡ ⊡ ⊡ ⊡ ⊡ ‰ ⊡ ⊡ ⊡ ⊡
⅄ ⅄ ⅄ ⅄ ⅄ ⅄ ⅄ ⅄ ⅄ ⅄ ⅄ ⅄ ⅄ ⅄ ⅄ ⅄ ⅄ ° ⅄ ⅄ ⅄ ⅄ ⅄ ⅄ ⅄ ⊡ ⊡ ⊡ ⊡ ‰ ‰ ⊡ ⊡ ⊡ ⊡ ⊡ ‰ ⊡ ⊡ ⊡ ⊡ ‰ ⊡ ‰ ⅄ ‰ ‰ ⊡ ⊡ ‰ ‰ ⊡ ⊡ ‰ ⅄ ⊡ ⊡ ‰ ⊡ ⊡ ‰ ⊡
⅄ ⅄ ⅄ ⅄ ⅄ ⅄ ⅄ ⅄ ⅄ ⅄ ⅄ ⅄ ⅄ ° ‰ ⅄ ⅄ ⅄ ⅄ ⅄ ⅄ ° ⅄ ⅄ ⅄ ⊡ ⊡ ‰ ⊡ ⊡ ‰ ⅄ ‰ ⅄ ‰ ⊡ ⊡ ⊡ ‰ ⊡ ⊡ ⊡ ‰ ⊡ ⊡ ⊡ ⊡ ⊡ ‰ ⅄ ‰ ⅄ ⅄ ⊡ ⊡ ⊡ ⊡ ‰ ⊡ ⊡ ⊡ ‰
⅄ ° ⅄ ⅄ ⅄ ° ⅄ ⅄ ⅄ ⅄ ⅄ ⅄ ⅄ ⅄ ⅄ ⅄ ⅄ ⅄ ⅄ ⅄ ⅄ ⅄ ⅄ ⅄ ⊡ ⊡ ‰ ⊡ ⊡ ‰ ⊡ ⊡ ⊡ ‰ ⊡ ‰ ⅄ ⊡ ⊡ ‰ ⊡ ‰ ⊡ ‰ ‰ ⊡ ⊡ ‰ ‰ ‰ ⊡ ⅄ ‰ ‰ ⊡ ⊡ ⊡ ‰ ⊡ ⊡ ‰ ⊡
⅄ ⅄ ⅄ ⅄ ⅄ ⅄ ⅄ ⅄ ⅄ ⅄ ⅄ ‰ ° ⅄ ⅄ ⅄ ⅄ ⅄ ⅄ ⅄ ⅄ ⅄ ⅄ ⅄ ‰ ⅄ ⊡ ⊡ ⊡ ⊡ ⊡ ‰ ⊡ ⊡ ‰ ⊡ ‰ ⊡ ⊡ ⅄ ⊡ ‰ ‰ ‰ ⊡ ⊡ ⊡ ⊡ ‰ ⊡ ‰ ⊡ ⊡ ‰ ⊡ ⊡ ‰ ⊡ ⊡ ⊡ ⊡ ‰
⅄ ⅄ ⅄ ⅄ ⅄ ⅄ ⅄ ⅄ ⅄ ⅄ ⅄ ⅄ ⅄ ‰ ⅄ ⅄ ⅄ ⅄ ° ⅄ ⅄ ⅄ ⅄ ‰ ⊡ ‰ ‰ ⊡ ⊡ ⅄ ⊡ ⊡ ‰ ⊡ ‰ ‰ ⊡ ⅄ ⊡ ⊡ ⊡ ⊡ ⅄ ‰ ⊡ ⅄ ‰ ⅄ ⊡ ‰ ⊡ ‰ ‰ ‰ ⊡ ⊡ ⊡ ⅄ ‰ ⅄ ⊡ ⊡
⅄ ⅄ ⅄ ⅄ ⅄ ⅄ ⅄ ⅄ ⅄ ⅄ ⅄ ⅄ ⅄ ⅄ ° ⅄ ⅄ ⅄ ⅄ ⅄ ⅄ ⅄ ⅄ ‰ ‰ ⊡ ⅄ ‰ ‰ ‰ ‰ ⊡ ⊡ ‰ ⊡ ⅄ ⅄ ‰ ‰ ⊡ ⅄ ⊡ ⅄ ⊡ ⊡ ⊡ ⊡ ⊡ ⊡ ⊡ ⅄ ⊡ ‰ ⊡ ⊡ ⊡ ⊡ ‰ ‰ ‰ ‰ ⊡
